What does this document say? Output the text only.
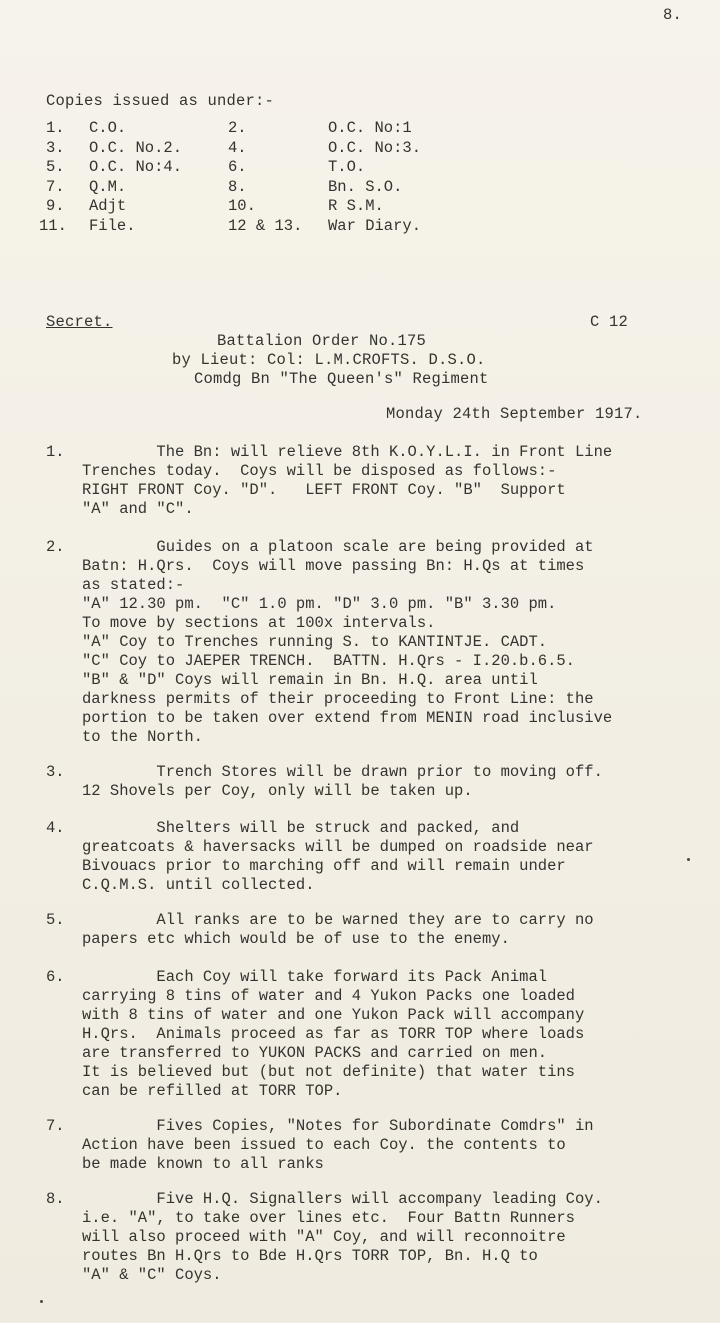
8.
Copies issued as under:-
1. C.O.	2.	O.C. No:1
3. O.C. No.2.	4.	O.C. No:3.
5. O.C. No:4.	6.	T.O.
7. Q.M.	8.	Bn. S.O.
9. Adjt	10.	R S.M.
11. File.	12 & 13. War Diary.
Secret.	C 12
Battalion Order No.175
by Lieut: Col: L.M.CROFTS. D.S.O.
Comdg Bn "The Queen's" Regiment
Monday 24th September 1917.
1. The Bn: will relieve 8th K.O.Y.L.I. in Front Line
Trenches today.  Coys will be disposed as follows:-
RIGHT FRONT Coy. "D".   LEFT FRONT Coy. "B"  Support
"A" and "C".
2. Guides on a platoon scale are being provided at
Batn: H.Qrs.  Coys will move passing Bn: H.Qs at times
as stated:-
"A" 12.30 pm.  "C" 1.0 pm. "D" 3.0 pm. "B" 3.30 pm.
To move by sections at 100x intervals.
"A" Coy to Trenches running S. to KANTINTJE. CADT.
"C" Coy to JAEPER TRENCH.  BATTN. H.Qrs - I.20.b.6.5.
"B" & "D" Coys will remain in Bn. H.Q. area until
darkness permits of their proceeding to Front Line: the
portion to be taken over extend from MENIN road inclusive
to the North.
3. Trench Stores will be drawn prior to moving off.
12 Shovels per Coy, only will be taken up.
4. Shelters will be struck and packed, and
greatcoats & haversacks will be dumped on roadside near
Bivouacs prior to marching off and will remain under
C.Q.M.S. until collected.
5. All ranks are to be warned they are to carry no
papers etc which would be of use to the enemy.
6. Each Coy will take forward its Pack Animal
carrying 8 tins of water and 4 Yukon Packs one loaded
with 8 tins of water and one Yukon Pack will accompany
H.Qrs.  Animals proceed as far as TORR TOP where loads
are transferred to YUKON PACKS and carried on men.
It is believed but (but not definite) that water tins
can be refilled at TORR TOP.
7. Fives Copies, "Notes for Subordinate Comdrs" in
Action have been issued to each Coy. the contents to
be made known to all ranks
8. Five H.Q. Signallers will accompany leading Coy.
i.e. "A", to take over lines etc.  Four Battn Runners
will also proceed with "A" Coy, and will reconnoitre
routes Bn H.Qrs to Bde H.Qrs TORR TOP, Bn. H.Q to
"A" & "C" Coys.
